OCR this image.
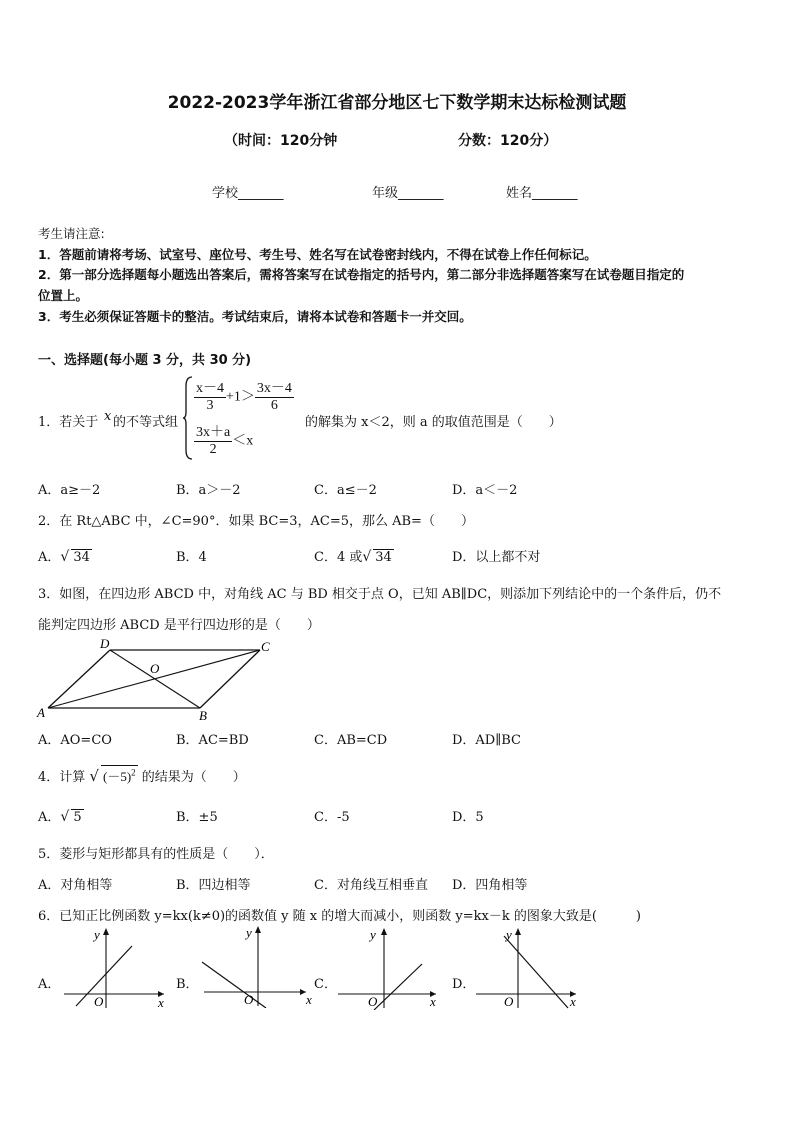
2022-2023学年浙江省部分地区七下数学期末达标检测试题
（时间：120分钟	分数：120分）
学校_______	年级_______	姓名_______
考生请注意:
1．答题前请将考场、试室号、座位号、考生号、姓名写在试卷密封线内，不得在试卷上作任何标记。
2．第一部分选择题每小题选出答案后，需将答案写在试卷指定的括号内，第二部分非选择题答案写在试卷题目指定的
位置上。
3．考生必须保证答题卡的整洁。考试结束后，请将本试卷和答题卡一并交回。
一、选择题(每小题 3 分，共 30 分)
1．若关于 x 的不等式组
$\frac{x-4}{3} +1> \frac{3x-4}{6}$
$\frac{3x+a}{2} <x$
的解集为 x＜2，则 a 的取值范围是（　　）
A．a≥－2	B．a＞－2	C．a≤－2	D．a＜－2
2．在 Rt△ABC 中，∠C=90°．如果 BC=3，AC=5，那么 AB=（　　）
A．√ 34	B．4	C．4 或√ 34	D．以上都不对
3．如图，在四边形 ABCD 中，对角线 AC 与 BD 相交于点 O，已知 AB∥DC，则添加下列结论中的一个条件后，仍不
能判定四边形 ABCD 是平行四边形的是（　　）
A	B
C
D
O
A．AO=CO	B．AC=BD	C．AB=CD	D．AD∥BC
4．计算 √ $(-5)^2$ 的结果为（　　）
A．√ 5	B．±5	C．-5	D．5
5．菱形与矩形都具有的性质是（　　）．
A．对角相等	B．四边相等	C．对角线互相垂直 D．四角相等
6．已知正比例函数 y=kx(k≠0)的函数值 y 随 x 的增大而减小，则函数 y=kx－k 的图象大致是(　　　)
A．
y
x
O
B．
y
x
O
C．
y
x
O
D．
y
x
O
